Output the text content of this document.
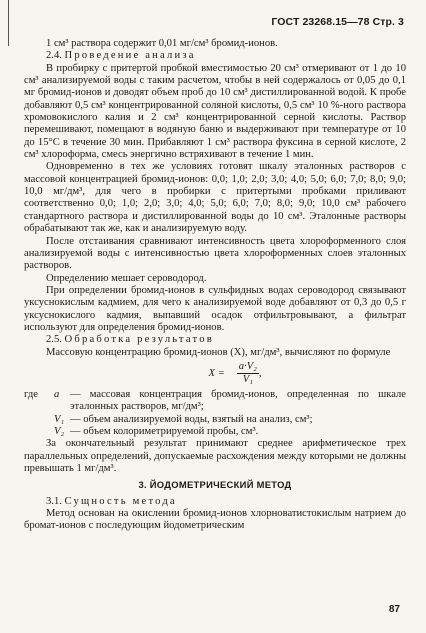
ГОСТ 23268.15—78 Стр. 3

1 см³ раствора содержит 0,01 мг/см³ бромид-ионов.

2.4. Проведение анализа

В пробирку с притертой пробкой вместимостью 20 см³ отмеривают от 1 до 10 см³ анализируемой воды с таким расчетом, чтобы в ней содержалось от 0,05 до 0,1 мг бромид-ионов и доводят объем проб до 10 см³ дистиллированной водой. К пробе добавляют 0,5 см³ концентрированной соляной кислоты, 0,5 см³ 10 %-ного раствора хромовокислого калия и 2 см³ концентрированной серной кислоты. Раствор перемешивают, помещают в водяную баню и выдерживают при температуре от 10 до 15°С в течение 30 мин. Прибавляют 1 см³ раствора фуксина в серной кислоте, 2 см³ хлороформа, смесь энергично встряхивают в течение 1 мин.

Одновременно в тех же условиях готовят шкалу эталонных растворов с массовой концентрацией бромид-ионов: 0,0; 1,0; 2,0; 3,0; 4,0; 5,0; 6,0; 7,0; 8,0; 9,0; 10,0 мг/дм³, для чего в пробирки с притертыми пробками приливают соответственно 0,0; 1,0; 2,0; 3,0; 4,0; 5,0; 6,0; 7,0; 8,0; 9,0; 10,0 см³ рабочего стандартного раствора и дистиллированной воды до 10 см³. Эталонные растворы обрабатывают так же, как и анализируемую воду.

После отстаивания сравнивают интенсивность цвета хлороформенного слоя анализируемой воды с интенсивностью цвета хлороформенных слоев эталонных растворов.

Определению мешает сероводород.

При определении бромид-ионов в сульфидных водах сероводород связывают уксуснокислым кадмием, для чего к анализируемой воде добавляют от 0,3 до 0,5 г уксуснокислого кадмия, выпавший осадок отфильтровывают, а фильтрат используют для определения бромид-ионов.

2.5. Обработка результатов

Массовую концентрацию бромид-ионов (X), мг/дм³, вычисляют по формуле

$X = \frac{\text{a·V₂}}{\text{V₁}}$ ,
где	a	— массовая концентрация бромид-ионов, определенная по шкале эталонных растворов, мг/дм³;
V₁ — объем анализируемой воды, взятый на анализ, см³;
V₂ — объем колориметрируемой пробы, см³.

За окончательный результат принимают среднее арифметическое трех параллельных определений, допускаемые расхождения между которыми не должны превышать 1 мг/дм³.

3. ЙОДОМЕТРИЧЕСКИЙ МЕТОД

3.1. Сущность метода

Метод основан на окислении бромид-ионов хлорноватистокислым натрием до бромат-ионов с последующим йодометрическим

87
